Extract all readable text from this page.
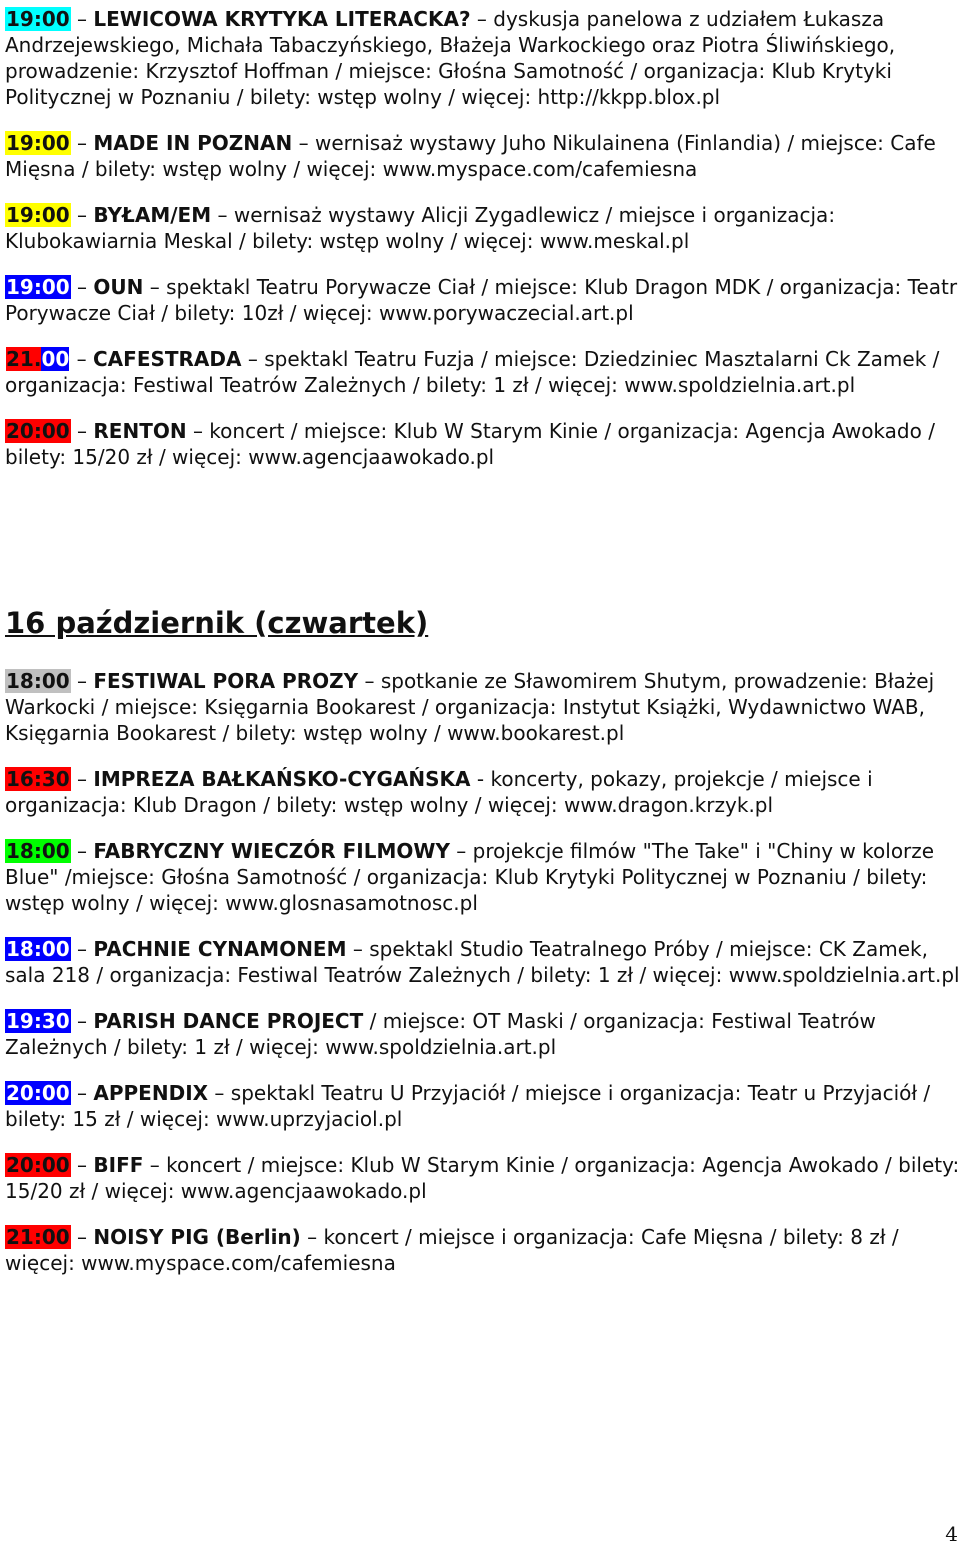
19:00 – LEWICOWA KRYTYKA LITERACKA? – dyskusja panelowa z udziałem Łukasza Andrzejewskiego, Michała Tabaczyńskiego, Błażeja Warkockiego oraz Piotra Śliwińskiego, prowadzenie: Krzysztof Hoffman / miejsce: Głośna Samotność / organizacja: Klub Krytyki Politycznej w Poznaniu / bilety: wstęp wolny / więcej: http://kkpp.blox.pl

19:00 – MADE IN POZNAN – wernisaż wystawy Juho Nikulainena (Finlandia) / miejsce: Cafe Mięsna / bilety: wstęp wolny / więcej: www.myspace.com/cafemiesna

19:00 – BYŁAM/EM – wernisaż wystawy Alicji Zygadlewicz / miejsce i organizacja: Klubokawiarnia Meskal / bilety: wstęp wolny / więcej: www.meskal.pl

19:00 – OUN – spektakl Teatru Porywacze Ciał / miejsce: Klub Dragon MDK / organizacja: Teatr Porywacze Ciał / bilety: 10zł / więcej: www.porywaczecial.art.pl

21.00 – CAFESTRADA – spektakl Teatru Fuzja / miejsce: Dziedziniec Masztalarni Ck Zamek / organizacja: Festiwal Teatrów Zależnych / bilety: 1 zł / więcej: www.spoldzielnia.art.pl

20:00 – RENTON – koncert / miejsce: Klub W Starym Kinie / organizacja: Agencja Awokado / bilety: 15/20 zł / więcej: www.agencjaawokado.pl

16 październik (czwartek)

18:00 – FESTIWAL PORA PROZY – spotkanie ze Sławomirem Shutym, prowadzenie: Błażej Warkocki / miejsce: Księgarnia Bookarest / organizacja: Instytut Książki, Wydawnictwo WAB, Księgarnia Bookarest / bilety: wstęp wolny / www.bookarest.pl

16:30 – IMPREZA BAŁKAŃSKO-CYGAŃSKA - koncerty, pokazy, projekcje / miejsce i organizacja: Klub Dragon / bilety: wstęp wolny / więcej: www.dragon.krzyk.pl

18:00 – FABRYCZNY WIECZÓR FILMOWY – projekcje filmów "The Take" i "Chiny w kolorze Blue" /miejsce: Głośna Samotność / organizacja: Klub Krytyki Politycznej w Poznaniu / bilety: wstęp wolny / więcej: www.glosnasamotnosc.pl

18:00 – PACHNIE CYNAMONEM – spektakl Studio Teatralnego Próby / miejsce: CK Zamek, sala 218 / organizacja: Festiwal Teatrów Zależnych / bilety: 1 zł / więcej: www.spoldzielnia.art.pl

19:30 – PARISH DANCE PROJECT / miejsce: OT Maski / organizacja: Festiwal Teatrów Zależnych / bilety: 1 zł / więcej: www.spoldzielnia.art.pl

20:00 – APPENDIX – spektakl Teatru U Przyjaciół / miejsce i organizacja: Teatr u Przyjaciół / bilety: 15 zł / więcej: www.uprzyjaciol.pl

20:00 – BIFF – koncert / miejsce: Klub W Starym Kinie / organizacja: Agencja Awokado / bilety: 15/20 zł / więcej: www.agencjaawokado.pl

21:00 – NOISY PIG (Berlin) – koncert / miejsce i organizacja: Cafe Mięsna / bilety: 8 zł / więcej: www.myspace.com/cafemiesna

4
